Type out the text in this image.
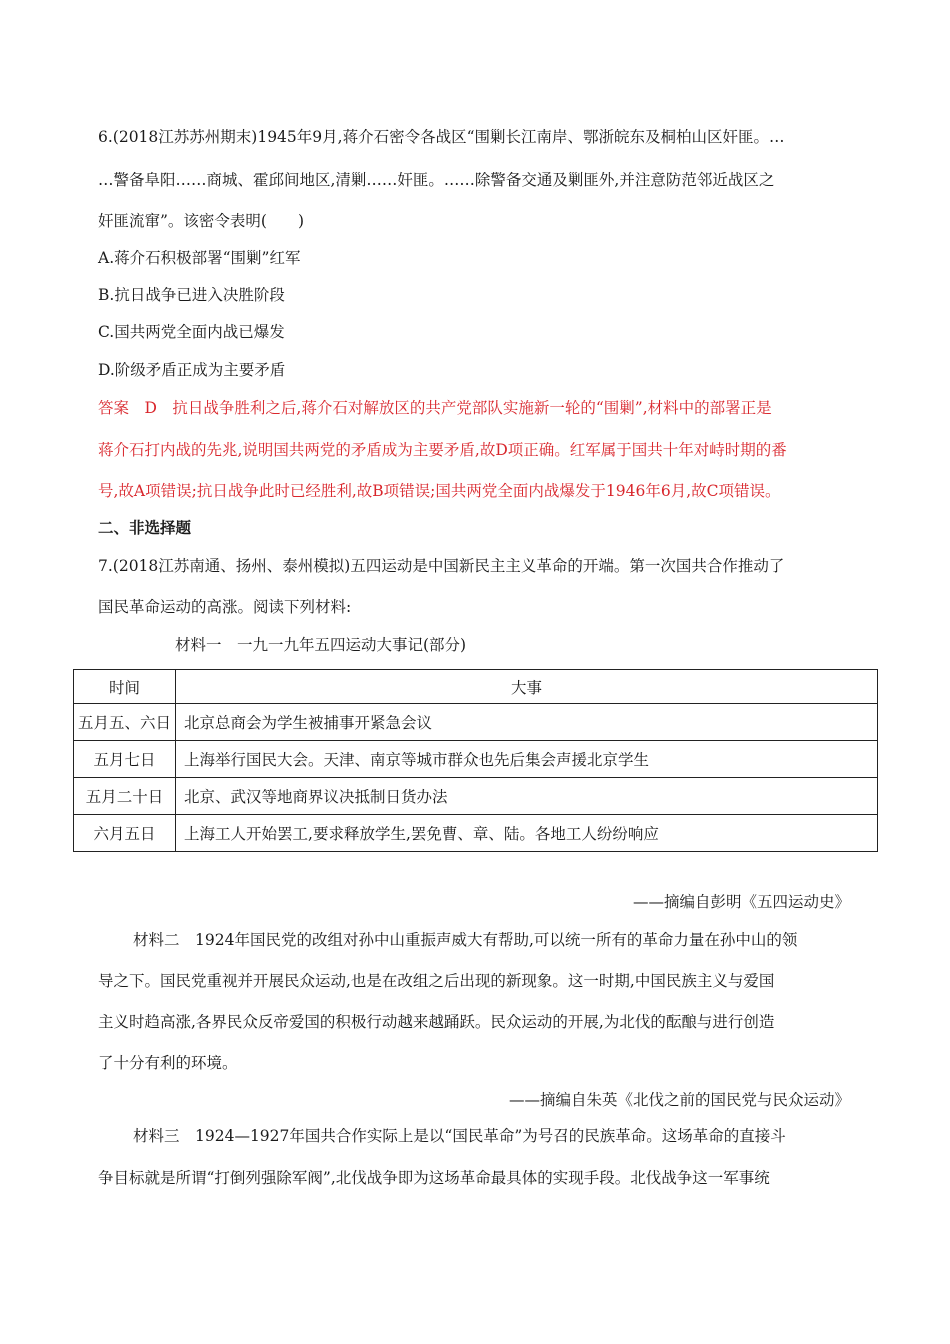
6.(2018江苏苏州期末)1945年9月,蒋介石密令各战区“围剿长江南岸、鄂浙皖东及桐柏山区奸匪。…
…警备阜阳……商城、霍邱间地区,清剿……奸匪。……除警备交通及剿匪外,并注意防范邻近战区之
奸匪流窜”。该密令表明(　　)
A.蒋介石积极部署“围剿”红军
B.抗日战争已进入决胜阶段
C.国共两党全面内战已爆发
D.阶级矛盾正成为主要矛盾
答案　D　抗日战争胜利之后,蒋介石对解放区的共产党部队实施新一轮的“围剿”,材料中的部署正是
蒋介石打内战的先兆,说明国共两党的矛盾成为主要矛盾,故D项正确。红军属于国共十年对峙时期的番
号,故A项错误;抗日战争此时已经胜利,故B项错误;国共两党全面内战爆发于1946年6月,故C项错误。
二、非选择题
7.(2018江苏南通、扬州、泰州模拟)五四运动是中国新民主主义革命的开端。第一次国共合作推动了
国民革命运动的高涨。阅读下列材料:
材料一　一九一九年五四运动大事记(部分)
时间	大事
五月五、六日	北京总商会为学生被捕事开紧急会议
五月七日	上海举行国民大会。天津、南京等城市群众也先后集会声援北京学生
五月二十日	北京、武汉等地商界议决抵制日货办法
六月五日	上海工人开始罢工,要求释放学生,罢免曹、章、陆。各地工人纷纷响应
——摘编自彭明《五四运动史》
材料二　1924年国民党的改组对孙中山重振声威大有帮助,可以统一所有的革命力量在孙中山的领
导之下。国民党重视并开展民众运动,也是在改组之后出现的新现象。这一时期,中国民族主义与爱国
主义时趋高涨,各界民众反帝爱国的积极行动越来越踊跃。民众运动的开展,为北伐的酝酿与进行创造
了十分有利的环境。
——摘编自朱英《北伐之前的国民党与民众运动》
材料三　1924—1927年国共合作实际上是以“国民革命”为号召的民族革命。这场革命的直接斗
争目标就是所谓“打倒列强除军阀”,北伐战争即为这场革命最具体的实现手段。北伐战争这一军事统
